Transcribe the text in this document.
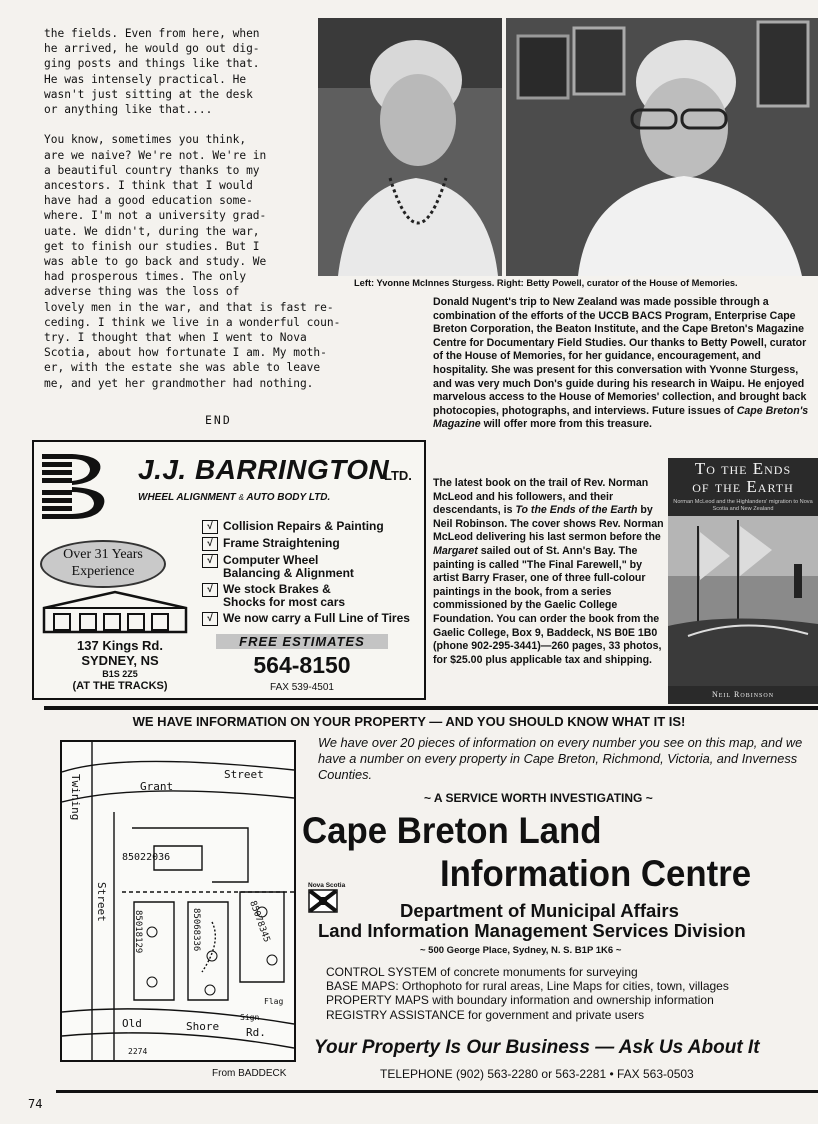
the fields. Even from here, when
he arrived, he would go out dig-
ging posts and things like that.
He was intensely practical. He
wasn't just sitting at the desk
or anything like that....

You know, sometimes you think,
are we naive? We're not. We're in
a beautiful country thanks to my
ancestors. I think that I would
have had a good education some-
where. I'm not a university grad-
uate. We didn't, during the war,
get to finish our studies. But I
was able to go back and study. We
had prosperous times. The only
adverse thing was the loss of
lovely men in the war, and that is fast re-
ceding. I think we live in a wonderful coun-
try. I thought that when I went to Nova
Scotia, about how fortunate I am. My moth-
er, with the estate she was able to leave
me, and yet her grandmother had nothing.
END
Left: Yvonne McInnes Sturgess. Right: Betty Powell, curator of the House of Memories.
Donald Nugent's trip to New Zealand was made possible through a combination of the efforts of the UCCB BACS Program, Enterprise Cape Breton Corporation, the Beaton Institute, and the Cape Breton's Magazine Centre for Documentary Field Studies. Our thanks to Betty Powell, curator of the House of Memories, for her guidance, encouragement, and hospitality. She was present for this conversation with Yvonne Sturgess, and was very much Don's guide during his research in Waipu. He enjoyed marvelous access to the House of Memories' collection, and brought back photocopies, photographs, and interviews. Future issues of Cape Breton's Magazine will offer more from this treasure.
The latest book on the trail of Rev. Norman McLeod and his followers, and their descendants, is To the Ends of the Earth by Neil Robinson. The cover shows Rev. Norman McLeod delivering his last sermon before the Margaret sailed out of St. Ann's Bay. The painting is called "The Final Farewell," by artist Barry Fraser, one of three full-colour paintings in the book, from a series commissioned by the Gaelic College Foundation. You can order the book from the Gaelic College, Box 9, Baddeck, NS B0E 1B0 (phone 902-295-3441)—260 pages, 33 photos, for $25.00 plus applicable tax and shipping.
To the Ends
of the Earth
Norman McLeod and the Highlanders' migration to Nova Scotia and New Zealand
Neil Robinson
J.J. BARRINGTON
LTD.
WHEEL ALIGNMENT & AUTO BODY LTD.
Over 31 Years
Experience
√ Collision Repairs & Painting
√ Frame Straightening
√ Computer Wheel
Balancing & Alignment
√ We stock Brakes &
Shocks for most cars
√ We now carry a Full Line of Tires
137 Kings Rd.
SYDNEY, NS
B1S 2Z5
(AT THE TRACKS)
FREE ESTIMATES
564-8150
FAX 539-4501
WE HAVE INFORMATION ON YOUR PROPERTY — AND YOU SHOULD KNOW WHAT IT IS!
Twining	Grant
Street
Street
85022036
85018129	85068336	85078345
Flag
Sign
Old	Shore Rd.
2274
From BADDECK
We have over 20 pieces of information on every number you see on this map, and we have a number on every property in Cape Breton, Richmond, Victoria, and Inverness Counties.
~ A SERVICE WORTH INVESTIGATING ~
Cape Breton Land
Information Centre
Nova Scotia
Department of Municipal Affairs
Land Information Management Services Division
~ 500 George Place, Sydney, N. S. B1P 1K6 ~
CONTROL SYSTEM of concrete monuments for surveying
BASE MAPS: Orthophoto for rural areas, Line Maps for cities, town, villages
PROPERTY MAPS with boundary information and ownership information
REGISTRY ASSISTANCE for government and private users
Your Property Is Our Business — Ask Us About It
TELEPHONE (902) 563-2280 or 563-2281 • FAX 563-0503
74
